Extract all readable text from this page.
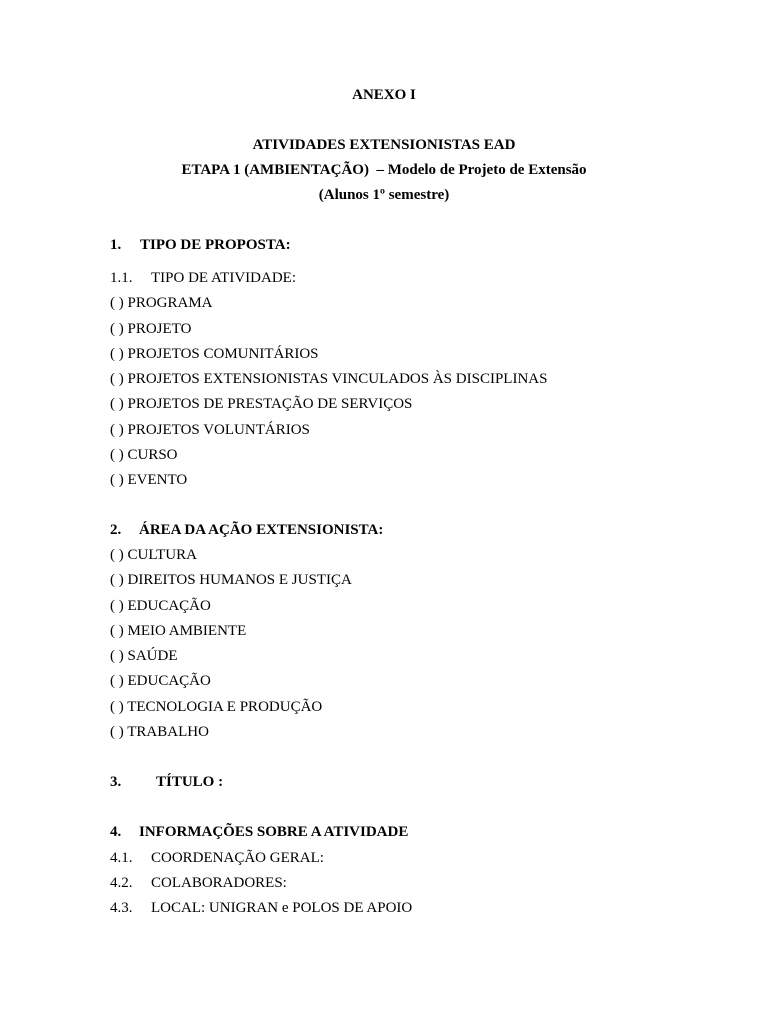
ANEXO I
ATIVIDADES EXTENSIONISTAS EAD
ETAPA 1 (AMBIENTAÇÃO) – Modelo de Projeto de Extensão
(Alunos 1º semestre)
1. TIPO DE PROPOSTA:
1.1. TIPO DE ATIVIDADE:
( ) PROGRAMA
( ) PROJETO
( ) PROJETOS COMUNITÁRIOS
( ) PROJETOS EXTENSIONISTAS VINCULADOS ÀS DISCIPLINAS
( ) PROJETOS DE PRESTAÇÃO DE SERVIÇOS
( ) PROJETOS VOLUNTÁRIOS
( ) CURSO
( ) EVENTO
2. ÁREA DA AÇÃO EXTENSIONISTA:
( ) CULTURA
( ) DIREITOS HUMANOS E JUSTIÇA
( ) EDUCAÇÃO
( ) MEIO AMBIENTE
( ) SAÚDE
( ) EDUCAÇÃO
( ) TECNOLOGIA E PRODUÇÃO
( ) TRABALHO
3. TÍTULO :
4. INFORMAÇÕES SOBRE A ATIVIDADE
4.1. COORDENAÇÃO GERAL:
4.2. COLABORADORES:
4.3. LOCAL: UNIGRAN e POLOS DE APOIO
